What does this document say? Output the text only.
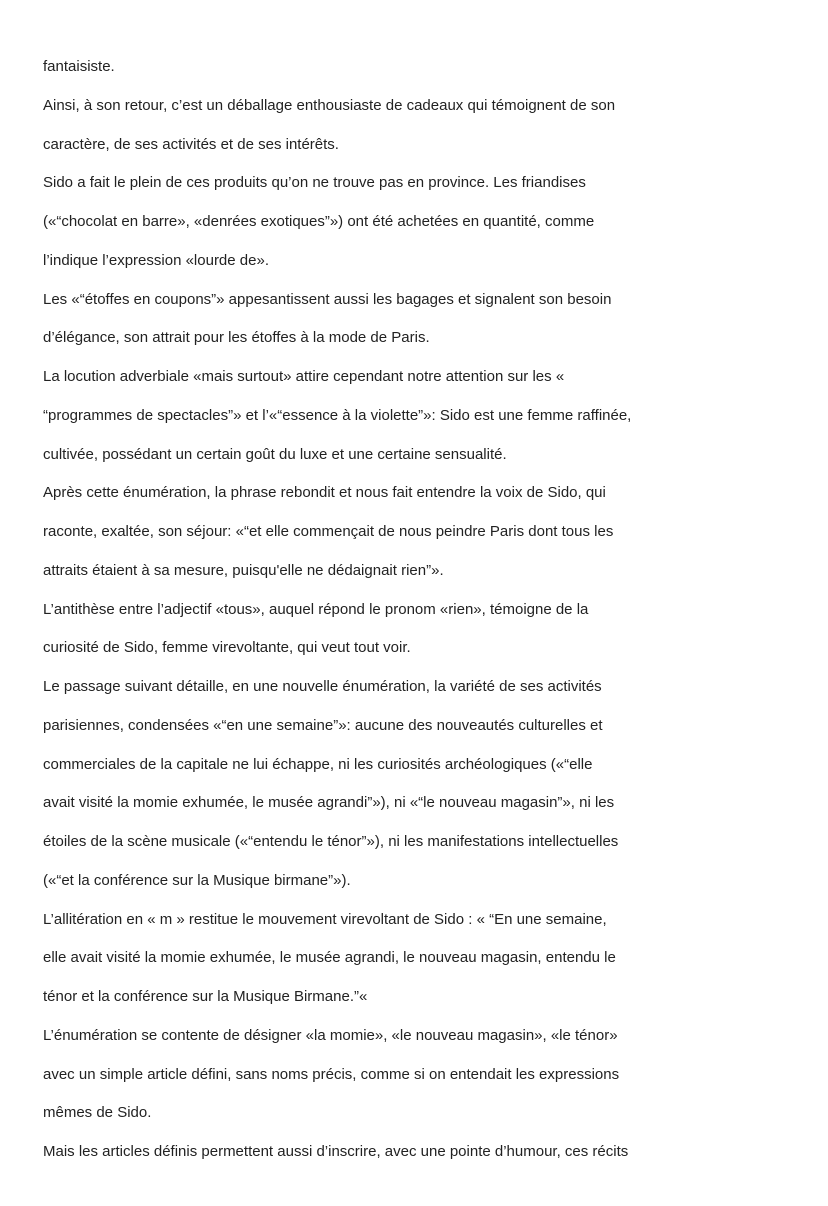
fantaisiste.
Ainsi, à son retour, c’est un déballage enthousiaste de cadeaux qui témoignent de son
caractère, de ses activités et de ses intérêts.
Sido a fait le plein de ces produits qu’on ne trouve pas en province. Les friandises
(«“chocolat en barre», «denrées exotiques”») ont été achetées en quantité, comme
l’indique l’expression «lourde de».
Les «“étoffes en coupons”» appesantissent aussi les bagages et signalent son besoin
d’élégance, son attrait pour les étoffes à la mode de Paris.
La locution adverbiale «mais surtout» attire cependant notre attention sur les «
“programmes de spectacles”» et l’«“essence à la violette”»: Sido est une femme raffinée,
cultivée, possédant un certain goût du luxe et une certaine sensualité.
Après cette énumération, la phrase rebondit et nous fait entendre la voix de Sido, qui
raconte, exaltée, son séjour: «“et elle commençait de nous peindre Paris dont tous les
attraits étaient à sa mesure, puisqu'elle ne dédaignait rien”».
L’antithèse entre l’adjectif «tous», auquel répond le pronom «rien», témoigne de la
curiosité de Sido, femme virevoltante, qui veut tout voir.
Le passage suivant détaille, en une nouvelle énumération, la variété de ses activités
parisiennes, condensées «“en une semaine”»: aucune des nouveautés culturelles et
commerciales de la capitale ne lui échappe, ni les curiosités archéologiques («“elle
avait visité la momie exhumée, le musée agrandi”»), ni «“le nouveau magasin”», ni les
étoiles de la scène musicale («“entendu le ténor”»), ni les manifestations intellectuelles
(«“et la conférence sur la Musique birmane”»).
L’allitération en « m » restitue le mouvement virevoltant de Sido : « “En une semaine,
elle avait visité la momie exhumée, le musée agrandi, le nouveau magasin, entendu le
ténor et la conférence sur la Musique Birmane.”«
L’énumération se contente de désigner «la momie», «le nouveau magasin», «le ténor»
avec un simple article défini, sans noms précis, comme si on entendait les expressions
mêmes de Sido.
Mais les articles définis permettent aussi d’inscrire, avec une pointe d’humour, ces récits
